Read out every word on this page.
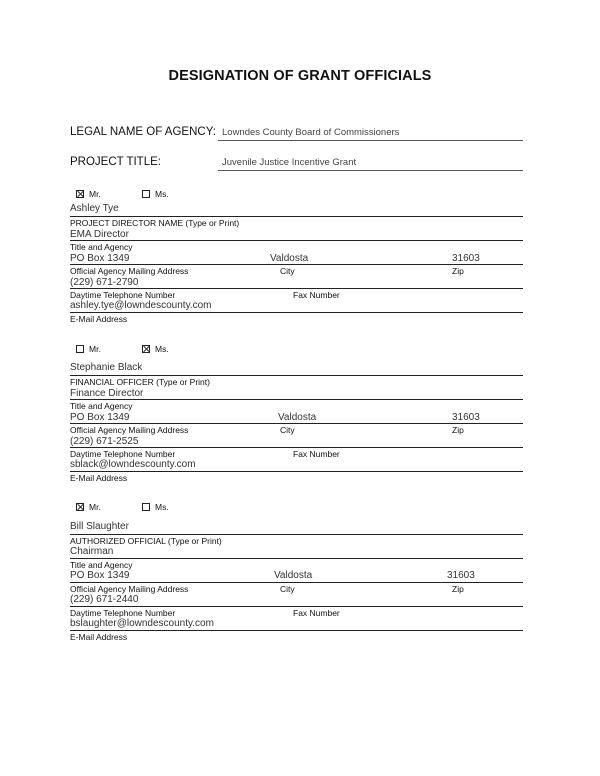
DESIGNATION OF GRANT OFFICIALS
LEGAL NAME OF AGENCY: Lowndes County Board of Commissioners
PROJECT TITLE:	Juvenile Justice Incentive Grant
Mr.	Ms.
Ashley Tye
PROJECT DIRECTOR NAME (Type or Print)
EMA Director
Title and Agency
PO Box 1349	Valdosta	31603
Official Agency Mailing Address	City	Zip
(229) 671-2790
Daytime Telephone Number	Fax Number
ashley.tye@lowndescounty.com
E-Mail Address
Mr.	Ms.
Stephanie Black
FINANCIAL OFFICER (Type or Print)
Finance Director
Title and Agency
PO Box 1349	Valdosta	31603
Official Agency Mailing Address	City	Zip
(229) 671-2525
Daytime Telephone Number	Fax Number
sblack@lowndescounty.com
E-Mail Address
Mr.	Ms.
Bill Slaughter
AUTHORIZED OFFICIAL (Type or Print)
Chairman
Title and Agency
PO Box 1349	Valdosta	31603
Official Agency Mailing Address	City	Zip
(229) 671-2440
Daytime Telephone Number	Fax Number
bslaughter@lowndescounty.com
E-Mail Address
